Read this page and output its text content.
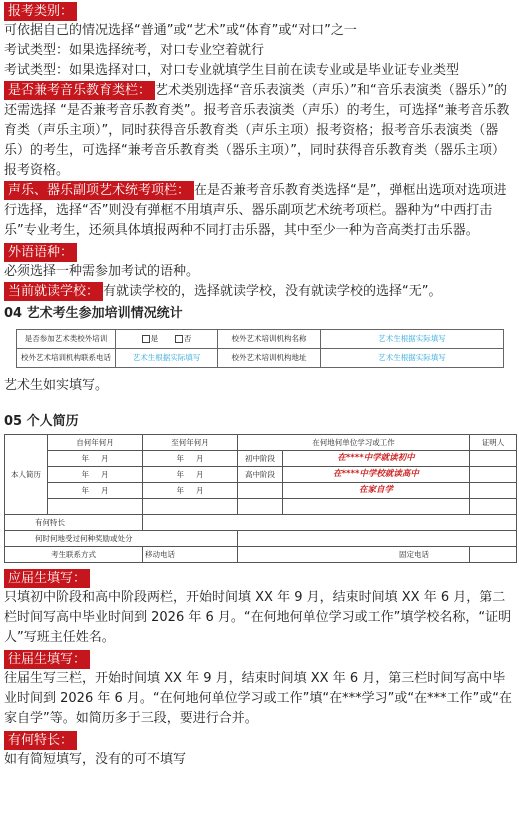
报考类别：

可依据自己的情况选择“普通”或“艺术”或“体育”或“对口”之一

考试类型：如果选择统考，对口专业空着就行

考试类型：如果选择对口，对口专业就填学生目前在读专业或是毕业证专业类型

是否兼考音乐教育类栏： 艺术类别选择“音乐表演类（声乐）”和“音乐表演类（器乐）”的还需选择 “是否兼考音乐教育类”。报考音乐表演类（声乐）的考生，可选择“兼考音乐教育类（声乐主项）”，同时获得音乐教育类（声乐主项）报考资格；报考音乐表演类（器乐）的考生，可选择“兼考音乐教育类（器乐主项）”，同时获得音乐教育类（器乐主项）报考资格。

声乐、器乐副项艺术统考项栏： 在是否兼考音乐教育类选择“是”，弹框出选项对选项进行选择，选择“否”则没有弹框不用填声乐、器乐副项艺术统考项栏。器种为“中西打击乐”专业考生，还须具体填报两种不同打击乐器，其中至少一种为音高类打击乐器。

外语语种：

必须选择一种需参加考试的语种。

当前就读学校： 有就读学校的，选择就读学校，没有就读学校的选择“无”。

04 艺术考生参加培训情况统计
是否参加艺术类校外培训	是 否	校外艺术培训机构名称	艺术生根据实际填写
校外艺术培训机构联系电话	艺术生根据实际填写	校外艺术培训机构地址	艺术生根据实际填写

艺术生如实填写。

05 个人简历
本人简历	自何年何月	至何年何月	在何地何单位学习或工作		证明人
	年 月	年 月	初中阶段	在****中学就读初中	
	年 月	年 月	高中阶段	在****中学校就读高中	
	年 月	年 月		在家自学	

有何特长					
何时何地受过何种奖励或处分					
考生联系方式		移动电话	固定电话		
应届生填写：

只填初中阶段和高中阶段两栏，开始时间填 XX 年 9 月，结束时间填 XX 年 6 月，第二栏时间写高中毕业时间到 2026 年 6 月。“在何地何单位学习或工作”填学校名称，“证明人”写班主任姓名。

往届生填写：

往届生写三栏，开始时间填 XX 年 9 月，结束时间填 XX 年 6 月，第三栏时间写高中毕业时间到 2026 年 6 月。“在何地何单位学习或工作”填“在***学习”或“在***工作”或“在家自学”等。如简历多于三段，要进行合并。

有何特长：

如有简短填写，没有的可不填写
